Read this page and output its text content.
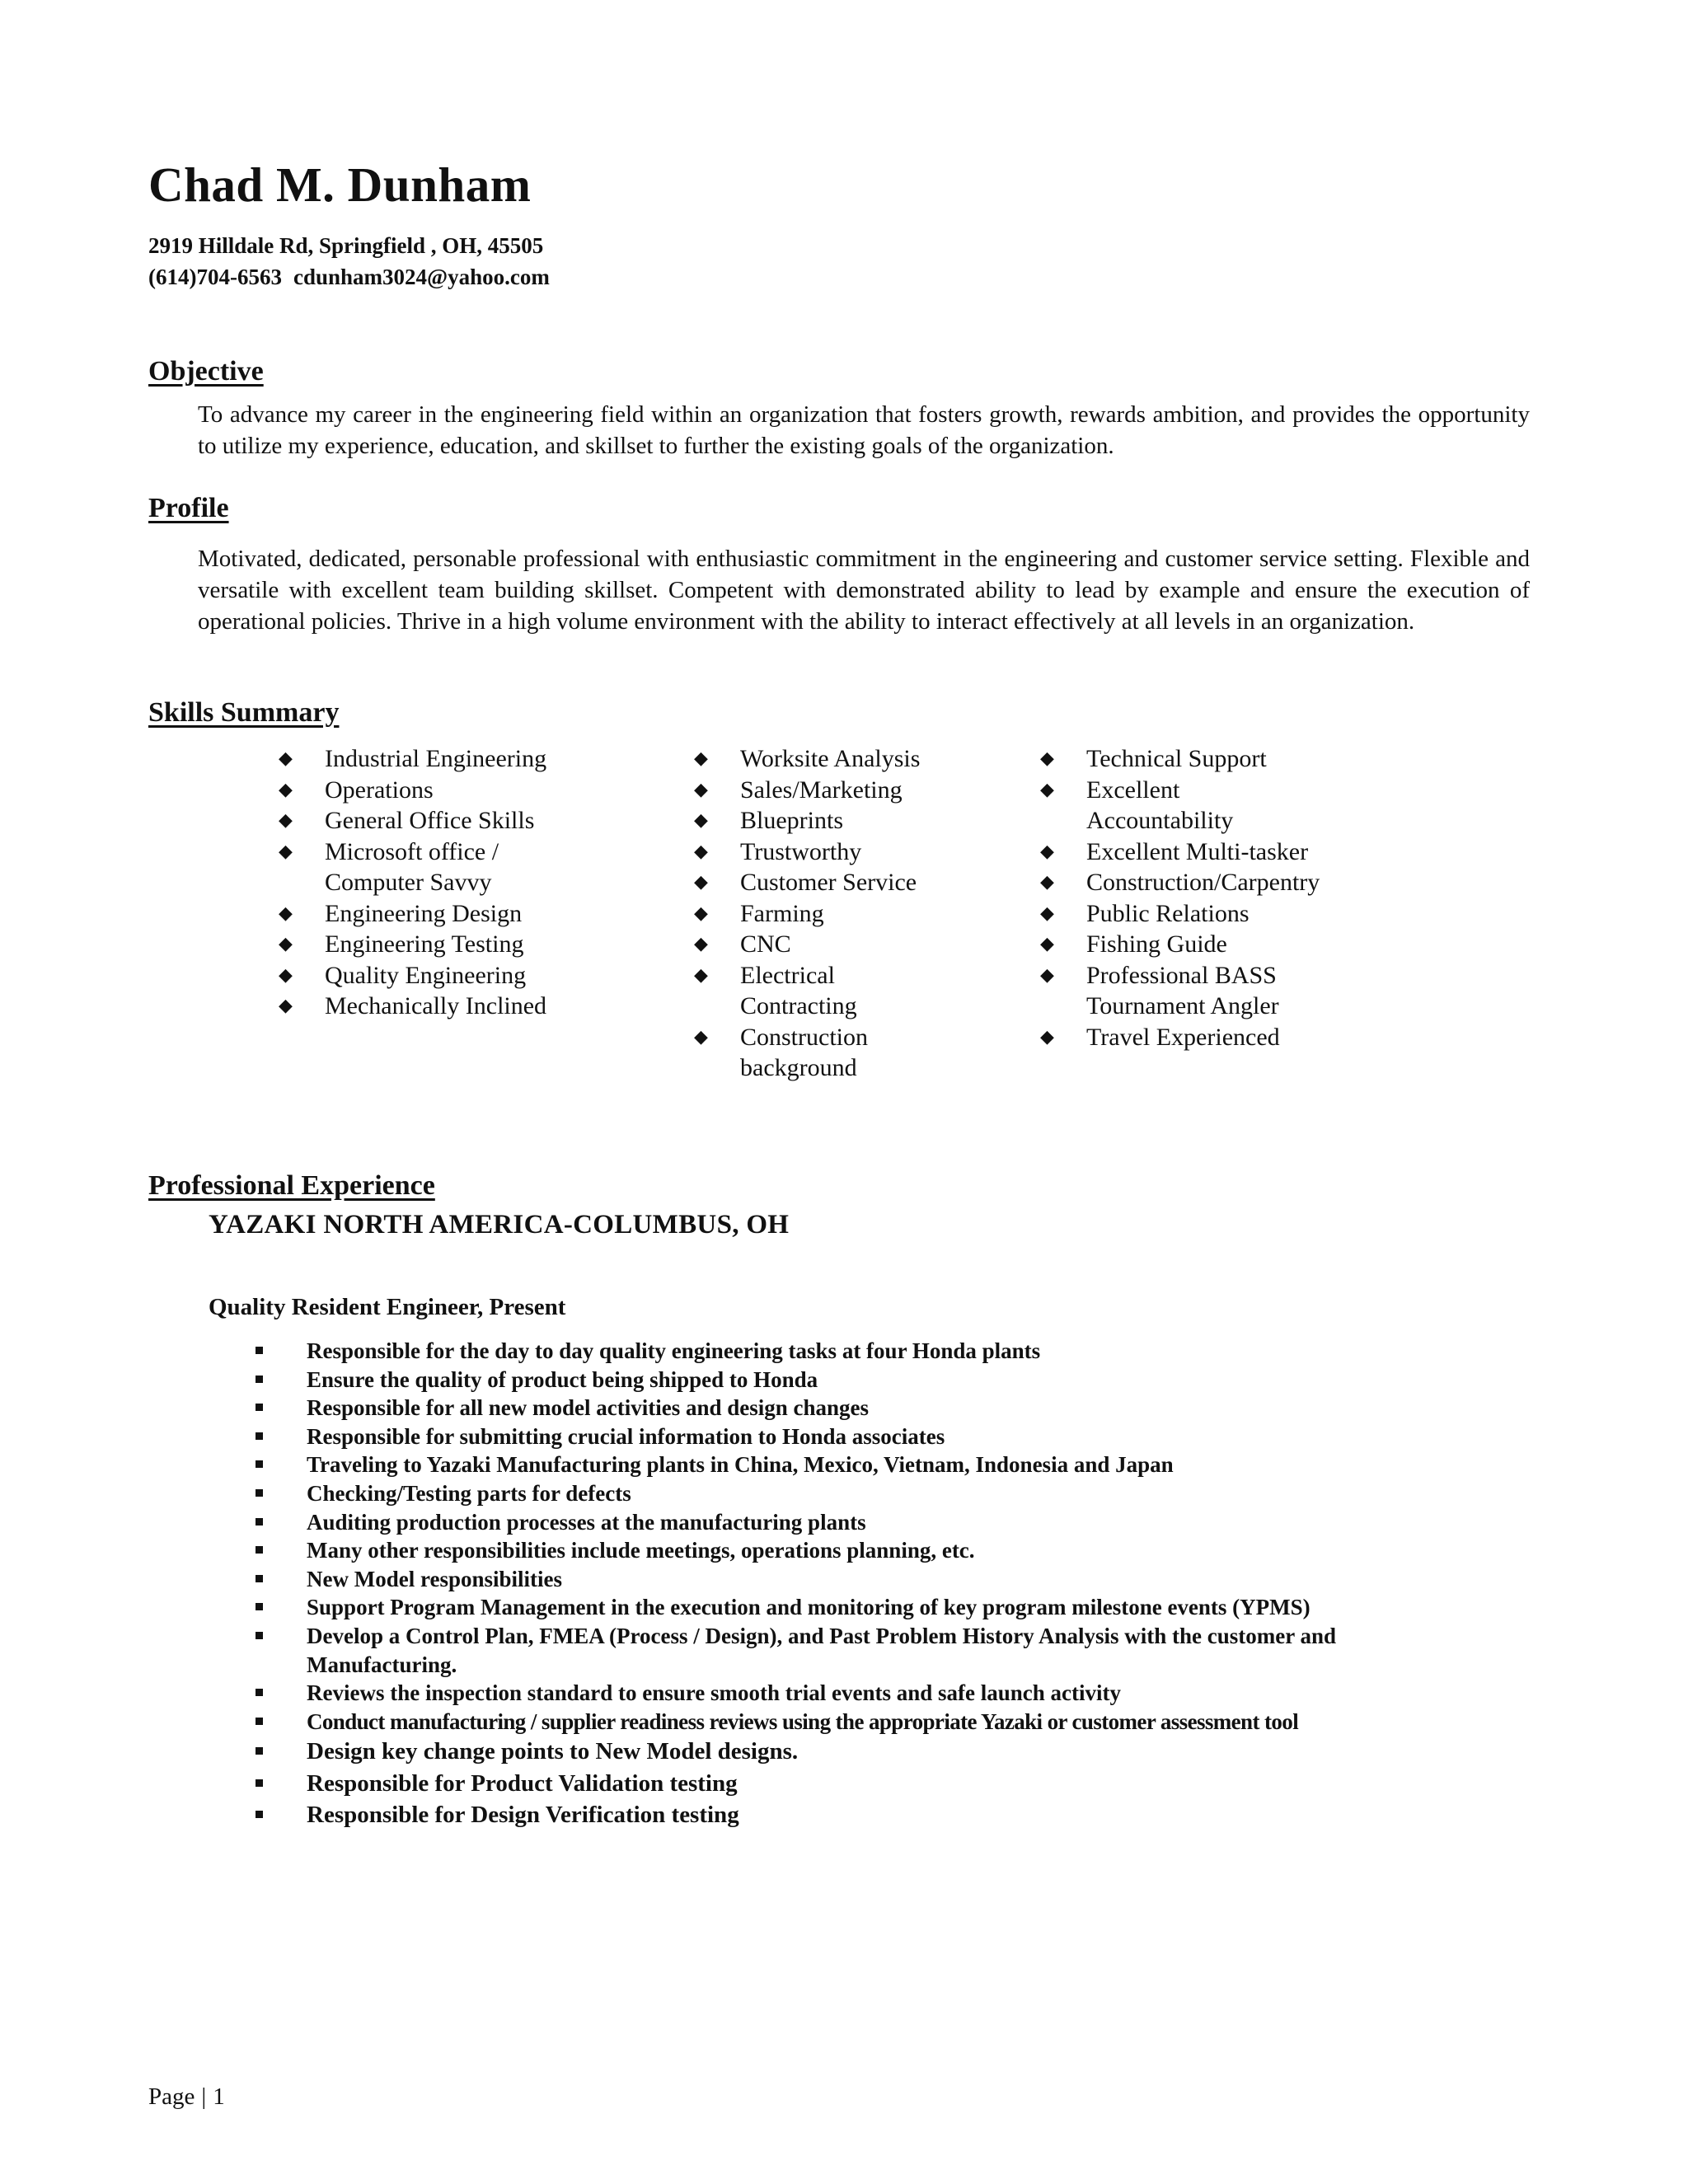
Chad M. Dunham

2919 Hilldale Rd, Springfield , OH, 45505

(614)704-6563 cdunham3024@yahoo.com

Objective

To advance my career in the engineering field within an organization that fosters growth, rewards ambition, and provides the opportunity to utilize my experience, education, and skillset to further the existing goals of the organization.

Profile

Motivated, dedicated, personable professional with enthusiastic commitment in the engineering and customer service setting. Flexible and versatile with excellent team building skillset. Competent with demonstrated ability to lead by example and ensure the execution of operational policies. Thrive in a high volume environment with the ability to interact effectively at all levels in an organization.

Skills Summary
◆ Industrial Engineering
◆ Operations
◆ General Office Skills
◆ Microsoft office / Computer Savvy
◆ Engineering Design
◆ Engineering Testing
◆ Quality Engineering
◆ Mechanically Inclined
◆ Worksite Analysis
◆ Sales/Marketing
◆ Blueprints
◆ Trustworthy
◆ Customer Service
◆ Farming
◆ CNC
◆ Electrical Contracting
◆ Construction background
◆ Technical Support
◆ Excellent Accountability
◆ Excellent Multi-tasker
◆ Construction/Carpentry
◆ Public Relations
◆ Fishing Guide
◆ Professional BASS Tournament Angler
◆ Travel Experienced
Professional Experience

YAZAKI NORTH AMERICA-COLUMBUS, OH

Quality Resident Engineer, Present

Responsible for the day to day quality engineering tasks at four Honda plants
Ensure the quality of product being shipped to Honda
Responsible for all new model activities and design changes
Responsible for submitting crucial information to Honda associates
Traveling to Yazaki Manufacturing plants in China, Mexico, Vietnam, Indonesia and Japan
Checking/Testing parts for defects
Auditing production processes at the manufacturing plants
Many other responsibilities include meetings, operations planning, etc.
New Model responsibilities
Support Program Management in the execution and monitoring of key program milestone events (YPMS)
Develop a Control Plan, FMEA (Process / Design), and Past Problem History Analysis with the customer and Manufacturing.
Reviews the inspection standard to ensure smooth trial events and safe launch activity
Conduct manufacturing / supplier readiness reviews using the appropriate Yazaki or customer assessment tool
Design key change points to New Model designs.
Responsible for Product Validation testing
Responsible for Design Verification testing

Page | 1
